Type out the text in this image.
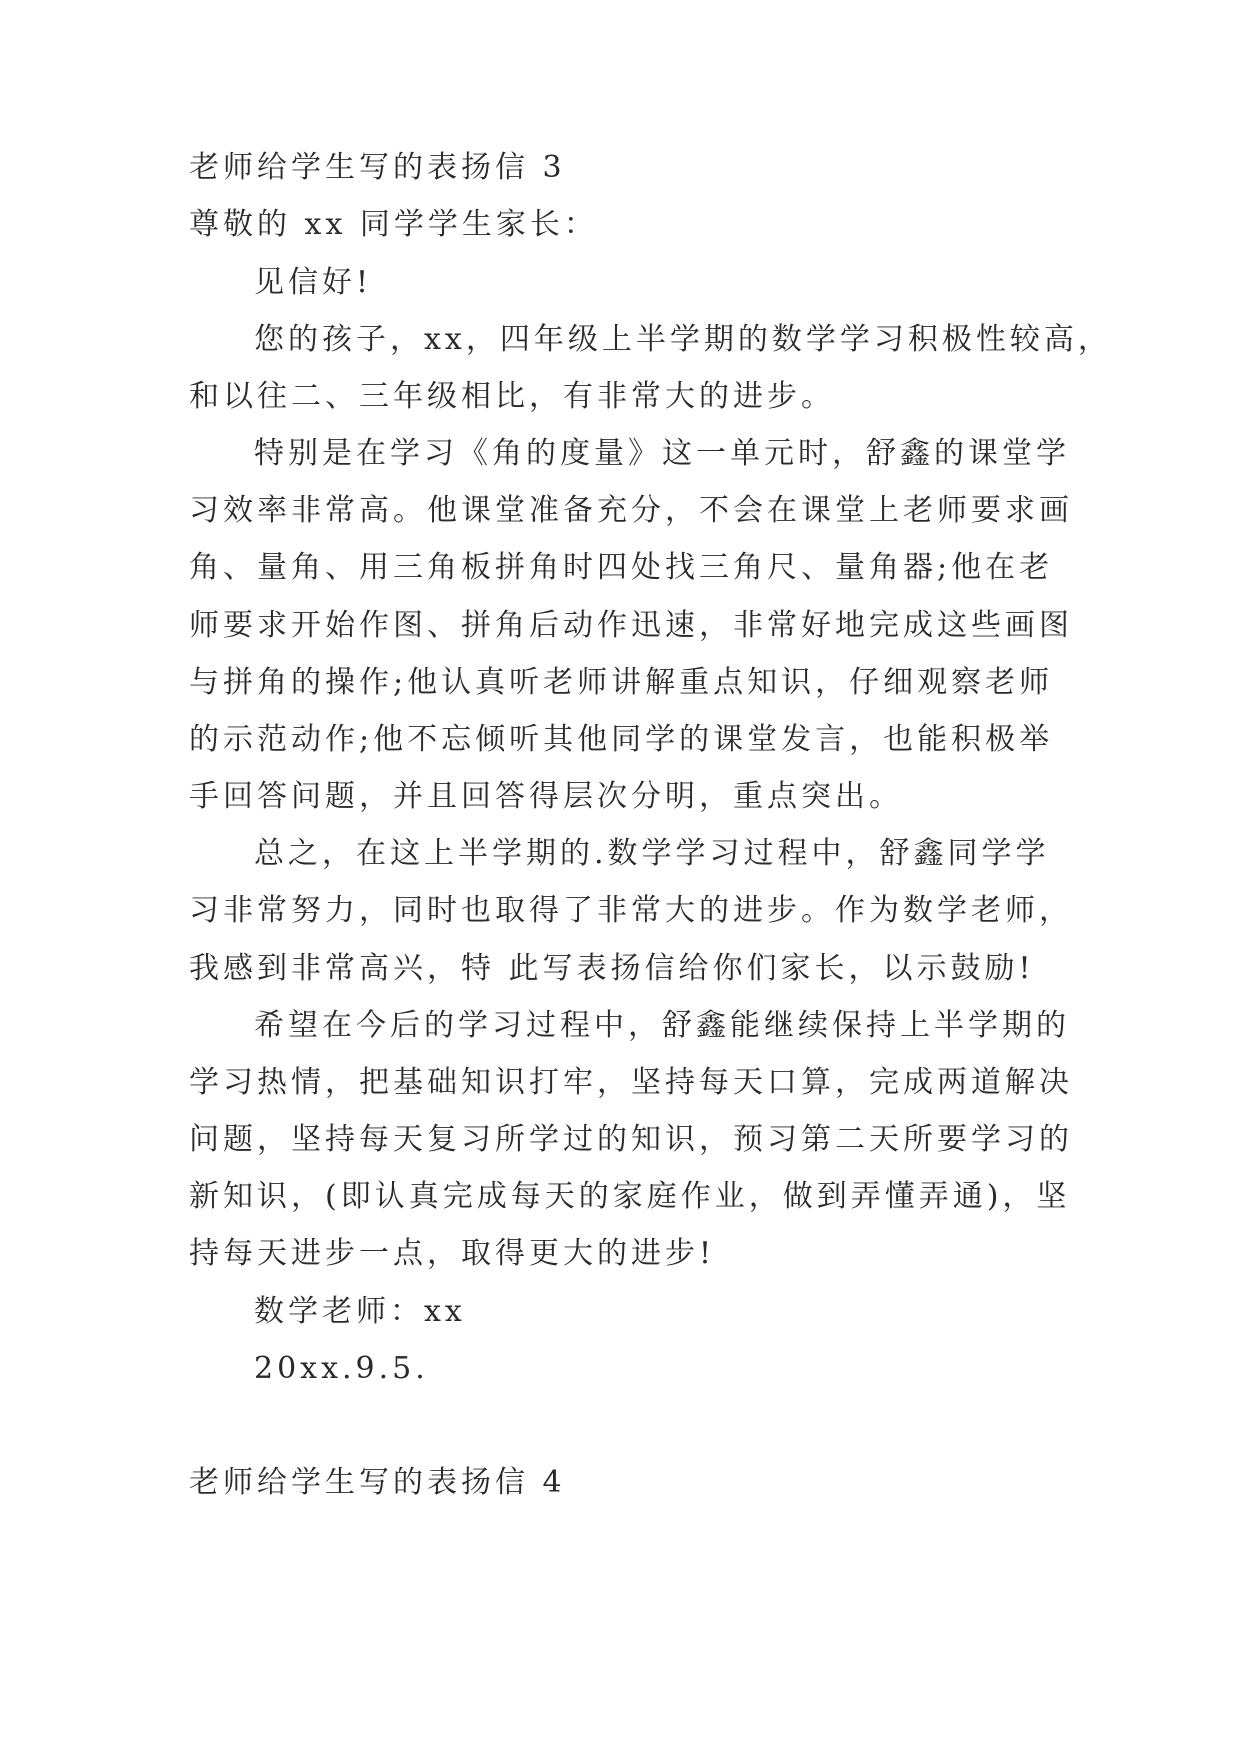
老师给学生写的表扬信 3
尊敬的 xx 同学学生家长：
见信好!
您的孩子，xx，四年级上半学期的数学学习积极性较高，
和以往二、三年级相比，有非常大的进步。
特别是在学习《角的度量》这一单元时，舒鑫的课堂学
习效率非常高。他课堂准备充分，不会在课堂上老师要求画
角、量角、用三角板拼角时四处找三角尺、量角器;他在老
师要求开始作图、拼角后动作迅速，非常好地完成这些画图
与拼角的操作;他认真听老师讲解重点知识，仔细观察老师
的示范动作;他不忘倾听其他同学的课堂发言，也能积极举
手回答问题，并且回答得层次分明，重点突出。
总之，在这上半学期的.数学学习过程中，舒鑫同学学
习非常努力，同时也取得了非常大的进步。作为数学老师，
我感到非常高兴，特 此写表扬信给你们家长，以示鼓励!
希望在今后的学习过程中，舒鑫能继续保持上半学期的
学习热情，把基础知识打牢，坚持每天口算，完成两道解决
问题，坚持每天复习所学过的知识，预习第二天所要学习的
新知识，(即认真完成每天的家庭作业，做到弄懂弄通)，坚
持每天进步一点，取得更大的进步!
数学老师：xx
20xx.9.5.
老师给学生写的表扬信 4
